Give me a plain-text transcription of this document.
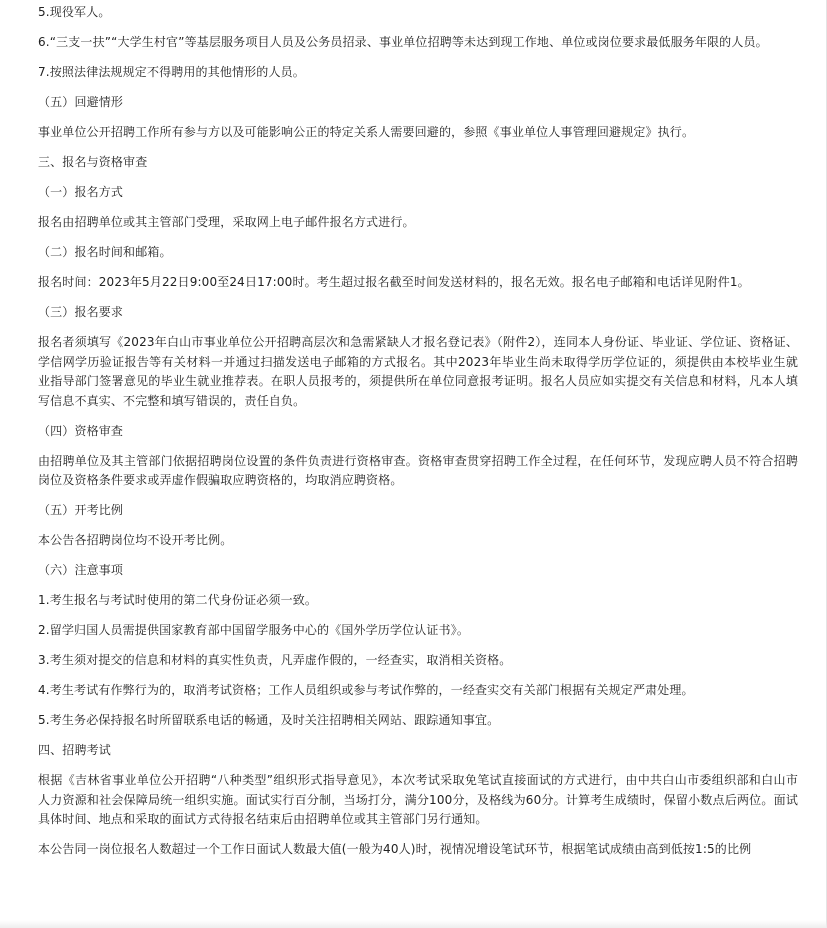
5.现役军人。

6.“三支一扶”“大学生村官”等基层服务项目人员及公务员招录、事业单位招聘等未达到现工作地、单位或岗位要求最低服务年限的人员。

7.按照法律法规规定不得聘用的其他情形的人员。

（五）回避情形

事业单位公开招聘工作所有参与方以及可能影响公正的特定关系人需要回避的，参照《事业单位人事管理回避规定》执行。

三、报名与资格审查

（一）报名方式

报名由招聘单位或其主管部门受理，采取网上电子邮件报名方式进行。

（二）报名时间和邮箱。

报名时间：2023年5月22日9:00至24日17:00时。考生超过报名截至时间发送材料的，报名无效。报名电子邮箱和电话详见附件1。

（三）报名要求

报名者须填写《2023年白山市事业单位公开招聘高层次和急需紧缺人才报名登记表》（附件2），连同本人身份证、毕业证、学位证、资格证、学信网学历验证报告等有关材料一并通过扫描发送电子邮箱的方式报名。其中2023年毕业生尚未取得学历学位证的，须提供由本校毕业生就业指导部门签署意见的毕业生就业推荐表。在职人员报考的，须提供所在单位同意报考证明。报名人员应如实提交有关信息和材料，凡本人填写信息不真实、不完整和填写错误的，责任自负。

（四）资格审查

由招聘单位及其主管部门依据招聘岗位设置的条件负责进行资格审查。资格审查贯穿招聘工作全过程，在任何环节，发现应聘人员不符合招聘岗位及资格条件要求或弄虚作假骗取应聘资格的，均取消应聘资格。

（五）开考比例

本公告各招聘岗位均不设开考比例。

（六）注意事项

1.考生报名与考试时使用的第二代身份证必须一致。

2.留学归国人员需提供国家教育部中国留学服务中心的《国外学历学位认证书》。

3.考生须对提交的信息和材料的真实性负责，凡弄虚作假的，一经查实，取消相关资格。

4.考生考试有作弊行为的，取消考试资格；工作人员组织或参与考试作弊的，一经查实交有关部门根据有关规定严肃处理。

5.考生务必保持报名时所留联系电话的畅通，及时关注招聘相关网站、跟踪通知事宜。

四、招聘考试

根据《吉林省事业单位公开招聘“八种类型”组织形式指导意见》，本次考试采取免笔试直接面试的方式进行，由中共白山市委组织部和白山市人力资源和社会保障局统一组织实施。面试实行百分制，当场打分，满分100分，及格线为60分。计算考生成绩时，保留小数点后两位。面试具体时间、地点和采取的面试方式待报名结束后由招聘单位或其主管部门另行通知。

本公告同一岗位报名人数超过一个工作日面试人数最大值(一般为40人)时，视情况增设笔试环节，根据笔试成绩由高到低按1:5的比例
